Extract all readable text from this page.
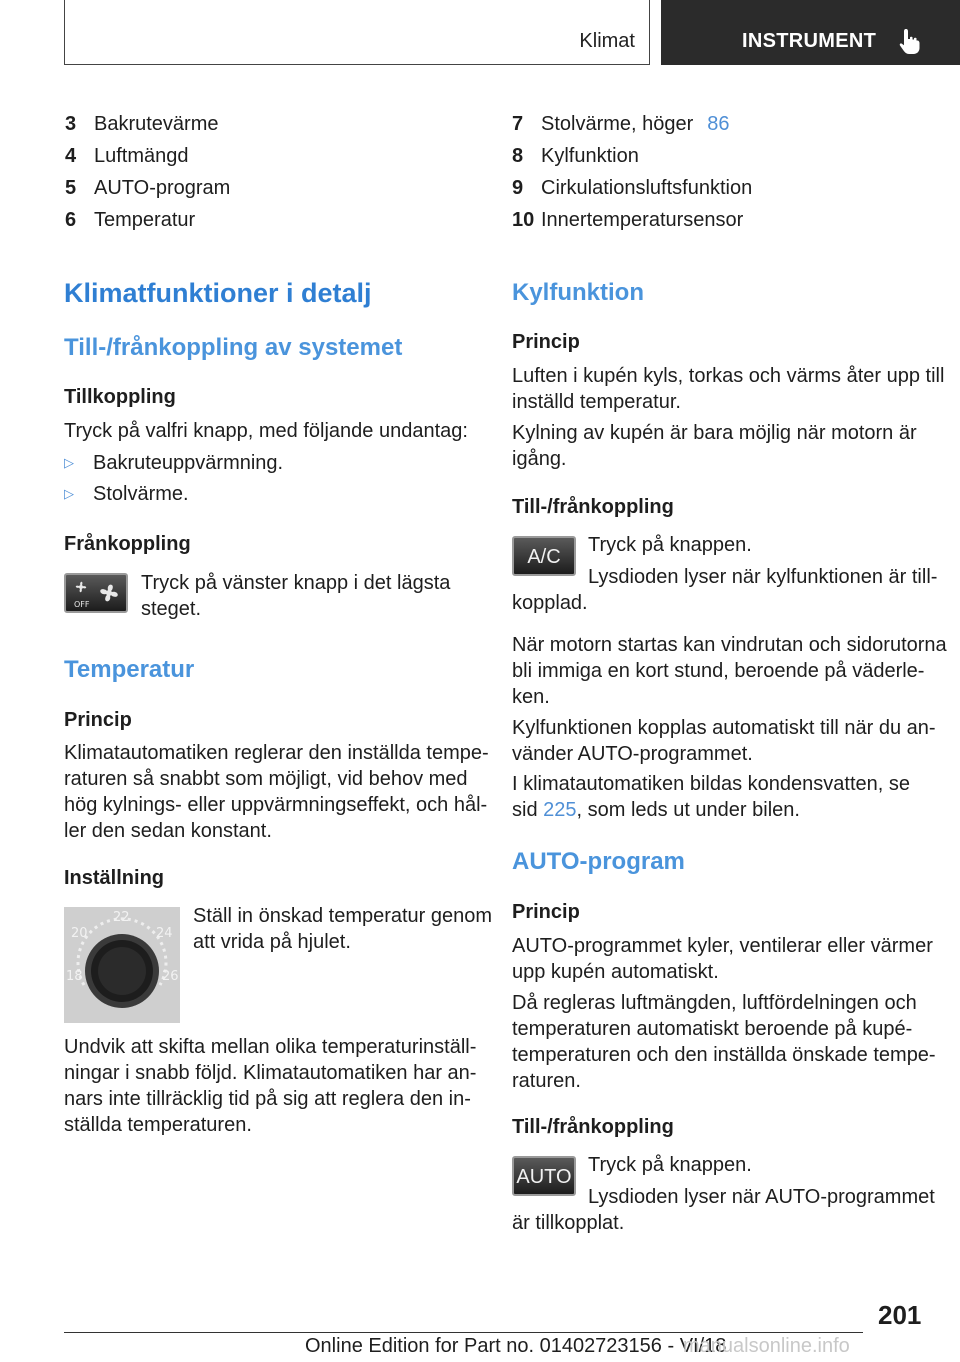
Klimat	INSTRUMENT
3 Bakrutevärme
4 Luftmängd
5 AUTO-program
6 Temperatur
Klimatfunktioner i detalj
Till-/frånkoppling av systemet
Tillkoppling
Tryck på valfri knapp, med följande undantag:
▷ Bakruteuppvärmning.
▷ Stolvärme.
Frånkoppling
OFF
Tryck på vänster knapp i det lägsta
steget.
Temperatur
Princip
Klimatautomatiken reglerar den inställda tempe-
raturen så snabbt som möjligt, vid behov med
hög kylnings- eller uppvärmningseffekt, och hål-
ler den sedan konstant.
Inställning
22
20	24
18	26
Ställ in önskad temperatur genom
att vrida på hjulet.
Undvik att skifta mellan olika temperaturinställ-
ningar i snabb följd. Klimatautomatiken har an-
nars inte tillräcklig tid på sig att reglera den in-
ställda temperaturen.
7 Stolvärme, höger 86
8 Kylfunktion
9 Cirkulationsluftsfunktion
10 Innertemperatursensor
Kylfunktion
Princip
Luften i kupén kyls, torkas och värms åter upp till
inställd temperatur.
Kylning av kupén är bara möjlig när motorn är
igång.
Till-/frånkoppling
A/C
Tryck på knappen.
Lysdioden lyser när kylfunktionen är till-
kopplad.
När motorn startas kan vindrutan och sidorutorna
bli immiga en kort stund, beroende på väderle-
ken.
Kylfunktionen kopplas automatiskt till när du an-
vänder AUTO-programmet.
I klimatautomatiken bildas kondensvatten, se
sid 225, som leds ut under bilen.
AUTO-program
Princip
AUTO-programmet kyler, ventilerar eller värmer
upp kupén automatiskt.
Då regleras luftmängden, luftfördelningen och
temperaturen automatiskt beroende på kupé-
temperaturen och den inställda önskade tempe-
raturen.
Till-/frånkoppling
AUTO
Tryck på knappen.
Lysdioden lyser när AUTO-programmet
är tillkopplat.
201
Online Edition for Part no. 01402723156 - VI/18
manualsonline.info
